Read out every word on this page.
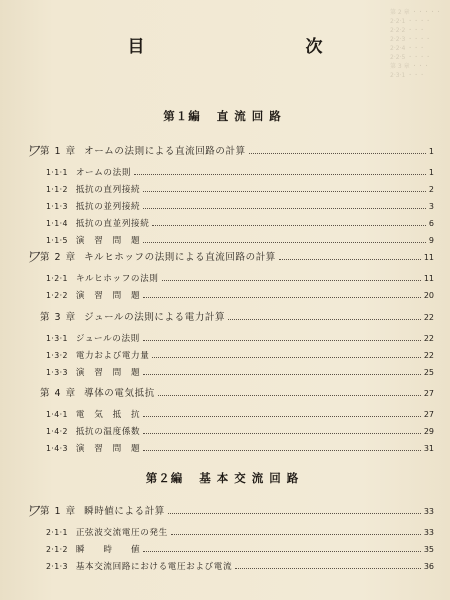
第 2 章 ・・・・・
2·2·1 ・・・・
2·2·2 ・・・
2·2·3 ・・・・
2·2·4 ・・・
2·2·5 ・・・・
第 3 章 ・・・
2·3·1 ・・・
目　次
第１編 直流回路
第 1 章 オームの法則による直流回路の計算	1
ワ
1·1·1 オームの法則	1
1·1·2 抵抗の直列接続	2
1·1·3 抵抗の並列接続	3
1·1·4 抵抗の直並列接続	6
1·1·5 演　習　問　題	9
第 2 章 キルヒホッフの法則による直流回路の計算	11
ワ
1·2·1 キルヒホッフの法則	11
1·2·2 演　習　問　題	20
第 3 章 ジュールの法則による電力計算	22
1·3·1 ジュールの法則	22
1·3·2 電力および電力量	22
1·3·3 演　習　問　題	25
第 4 章 導体の電気抵抗	27
1·4·1 電　気　抵　抗	27
1·4·2 抵抗の温度係数	29
1·4·3 演　習　問　題	31
第２編 基本交流回路
第 1 章 瞬時値による計算	33
ワ
2·1·1 正弦波交流電圧の発生	33
2·1·2 瞬　　時　　値	35
2·1·3 基本交流回路における電圧および電流	36
